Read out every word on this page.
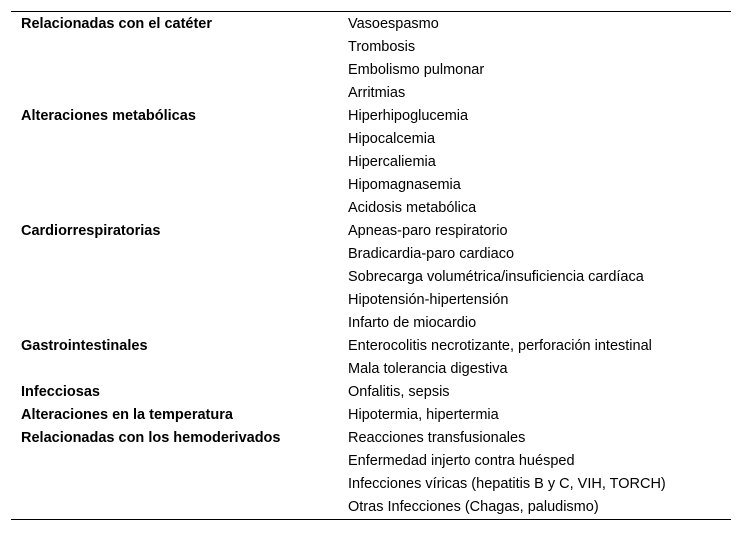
Relacionadas con el catéter	Vasoespasmo
Trombosis
Embolismo pulmonar
Arritmias
Alteraciones metabólicas	Hiperhipoglucemia
Hipocalcemia
Hipercaliemia
Hipomagnasemia
Acidosis metabólica
Cardiorrespiratorias	Apneas-paro respiratorio
Bradicardia-paro cardiaco
Sobrecarga volumétrica/insuficiencia cardíaca
Hipotensión-hipertensión
Infarto de miocardio
Gastrointestinales	Enterocolitis necrotizante, perforación intestinal
Mala tolerancia digestiva
Infecciosas	Onfalitis, sepsis
Alteraciones en la temperatura	Hipotermia, hipertermia
Relacionadas con los hemoderivados	Reacciones transfusionales
Enfermedad injerto contra huésped
Infecciones víricas (hepatitis B y C, VIH, TORCH)
Otras Infecciones (Chagas, paludismo)
